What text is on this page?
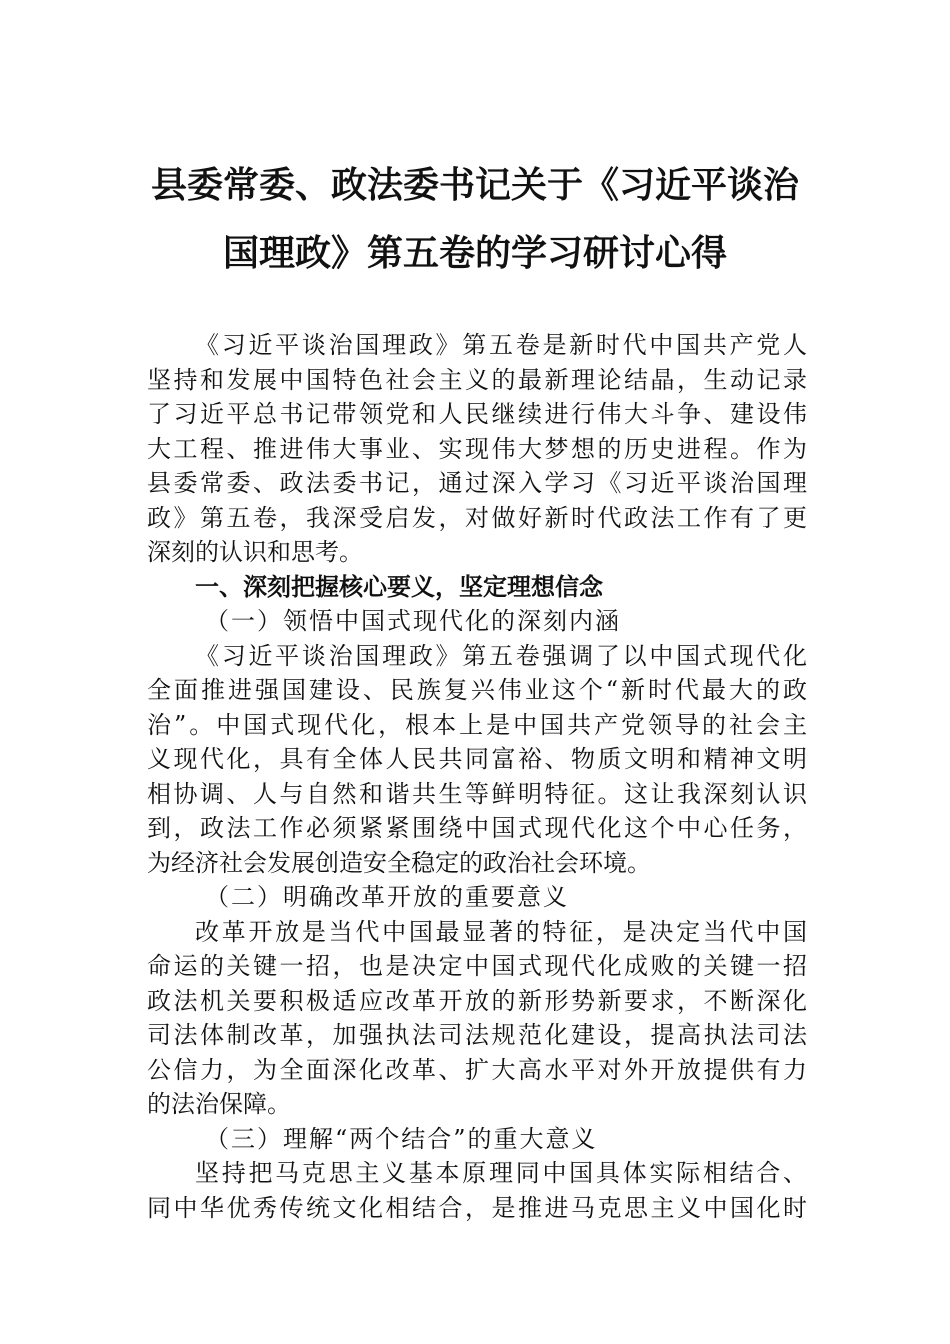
县委常委、政法委书记关于《习近平谈治
国理政》第五卷的学习研讨心得
《习近平谈治国理政》第五卷是新时代中国共产党人
坚持和发展中国特色社会主义的最新理论结晶，生动记录
了习近平总书记带领党和人民继续进行伟大斗争、建设伟
大工程、推进伟大事业、实现伟大梦想的历史进程。作为
县委常委、政法委书记，通过深入学习《习近平谈治国理
政》第五卷，我深受启发，对做好新时代政法工作有了更
深刻的认识和思考。
一、深刻把握核心要义，坚定理想信念
（一）领悟中国式现代化的深刻内涵
《习近平谈治国理政》第五卷强调了以中国式现代化
全面推进强国建设、民族复兴伟业这个“新时代最大的政
治”。中国式现代化，根本上是中国共产党领导的社会主
义现代化，具有全体人民共同富裕、物质文明和精神文明
相协调、人与自然和谐共生等鲜明特征。这让我深刻认识
到，政法工作必须紧紧围绕中国式现代化这个中心任务，
为经济社会发展创造安全稳定的政治社会环境。
（二）明确改革开放的重要意义
改革开放是当代中国最显著的特征，是决定当代中国
命运的关键一招，也是决定中国式现代化成败的关键一招
政法机关要积极适应改革开放的新形势新要求，不断深化
司法体制改革，加强执法司法规范化建设，提高执法司法
公信力，为全面深化改革、扩大高水平对外开放提供有力
的法治保障。
（三）理解“两个结合”的重大意义
坚持把马克思主义基本原理同中国具体实际相结合、
同中华优秀传统文化相结合，是推进马克思主义中国化时
